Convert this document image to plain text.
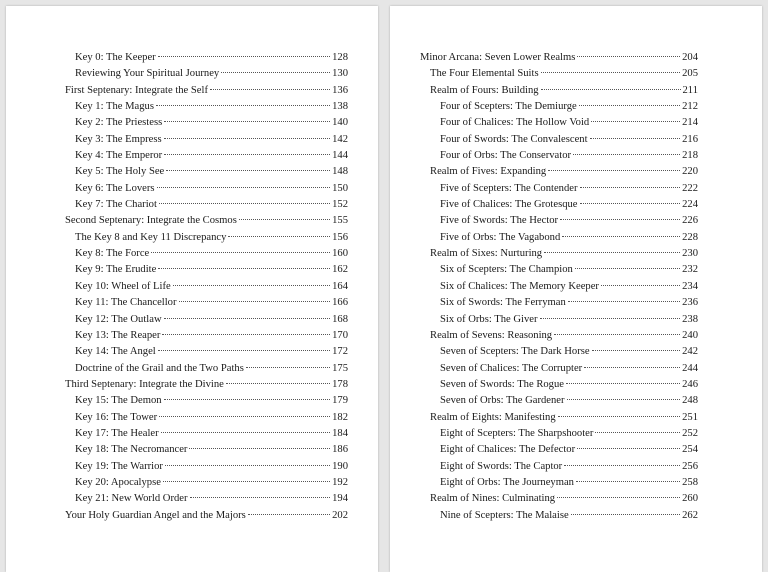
Key 0: The Keeper	128
Reviewing Your Spiritual Journey	130
First Septenary: Integrate the Self	136
Key 1: The Magus	138
Key 2: The Priestess	140
Key 3: The Empress	142
Key 4: The Emperor	144
Key 5: The Holy See	148
Key 6: The Lovers	150
Key 7: The Chariot	152
Second Septenary: Integrate the Cosmos	155
The Key 8 and Key 11 Discrepancy	156
Key 8: The Force	160
Key 9: The Erudite	162
Key 10: Wheel of Life	164
Key 11: The Chancellor	166
Key 12: The Outlaw	168
Key 13: The Reaper	170
Key 14: The Angel	172
Doctrine of the Grail and the Two Paths	175
Third Septenary: Integrate the Divine	178
Key 15: The Demon	179
Key 16: The Tower	182
Key 17: The Healer	184
Key 18: The Necromancer	186
Key 19: The Warrior	190
Key 20: Apocalypse	192
Key 21: New World Order	194
Your Holy Guardian Angel and the Majors	202
Minor Arcana: Seven Lower Realms	204
The Four Elemental Suits	205
Realm of Fours: Building	211
Four of Scepters: The Demiurge	212
Four of Chalices: The Hollow Void	214
Four of Swords: The Convalescent	216
Four of Orbs: The Conservator	218
Realm of Fives: Expanding	220
Five of Scepters: The Contender	222
Five of Chalices: The Grotesque	224
Five of Swords: The Hector	226
Five of Orbs: The Vagabond	228
Realm of Sixes: Nurturing	230
Six of Scepters: The Champion	232
Six of Chalices: The Memory Keeper	234
Six of Swords: The Ferryman	236
Six of Orbs: The Giver	238
Realm of Sevens: Reasoning	240
Seven of Scepters: The Dark Horse	242
Seven of Chalices: The Corrupter	244
Seven of Swords: The Rogue	246
Seven of Orbs: The Gardener	248
Realm of Eights: Manifesting	251
Eight of Scepters: The Sharpshooter	252
Eight of Chalices: The Defector	254
Eight of Swords: The Captor	256
Eight of Orbs: The Journeyman	258
Realm of Nines: Culminating	260
Nine of Scepters: The Malaise	262
